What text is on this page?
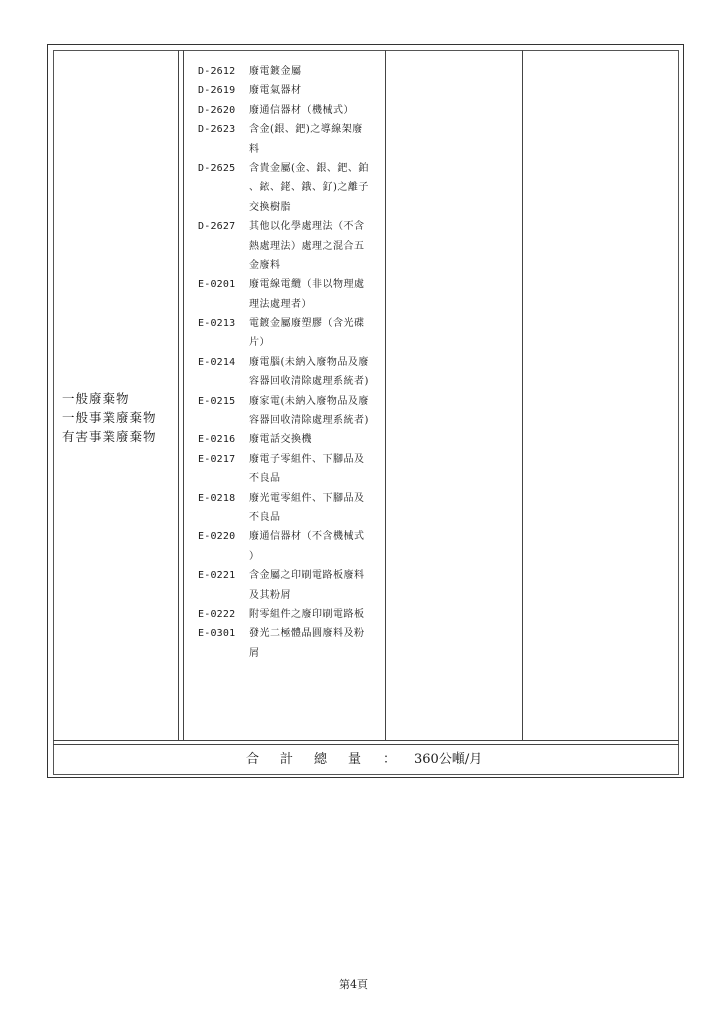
一般廢棄物
一般事業廢棄物
有害事業廢棄物
D-2612 廢電鍍金屬
D-2619 廢電氣器材
D-2620 廢通信器材（機械式）
D-2623 含金(銀、鈀)之導線架廢
料
D-2625 含貴金屬(金、銀、鈀、鉑
、銥、銠、鋨、釕)之離子
交換樹脂
D-2627 其他以化學處理法（不含
熱處理法）處理之混合五
金廢料
E-0201 廢電線電纜（非以物理處
理法處理者）
E-0213 電鍍金屬廢塑膠（含光碟
片）
E-0214 廢電腦(未納入廢物品及廢
容器回收清除處理系統者)
E-0215 廢家電(未納入廢物品及廢
容器回收清除處理系統者)
E-0216 廢電話交換機
E-0217 廢電子零組件、下腳品及
不良品
E-0218 廢光電零組件、下腳品及
不良品
E-0220 廢通信器材（不含機械式
）
E-0221 含金屬之印刷電路板廢料
及其粉屑
E-0222 附零組件之廢印刷電路板
E-0301 發光二極體晶圓廢料及粉
屑
合計總量 ： 360公噸/月
第4頁
